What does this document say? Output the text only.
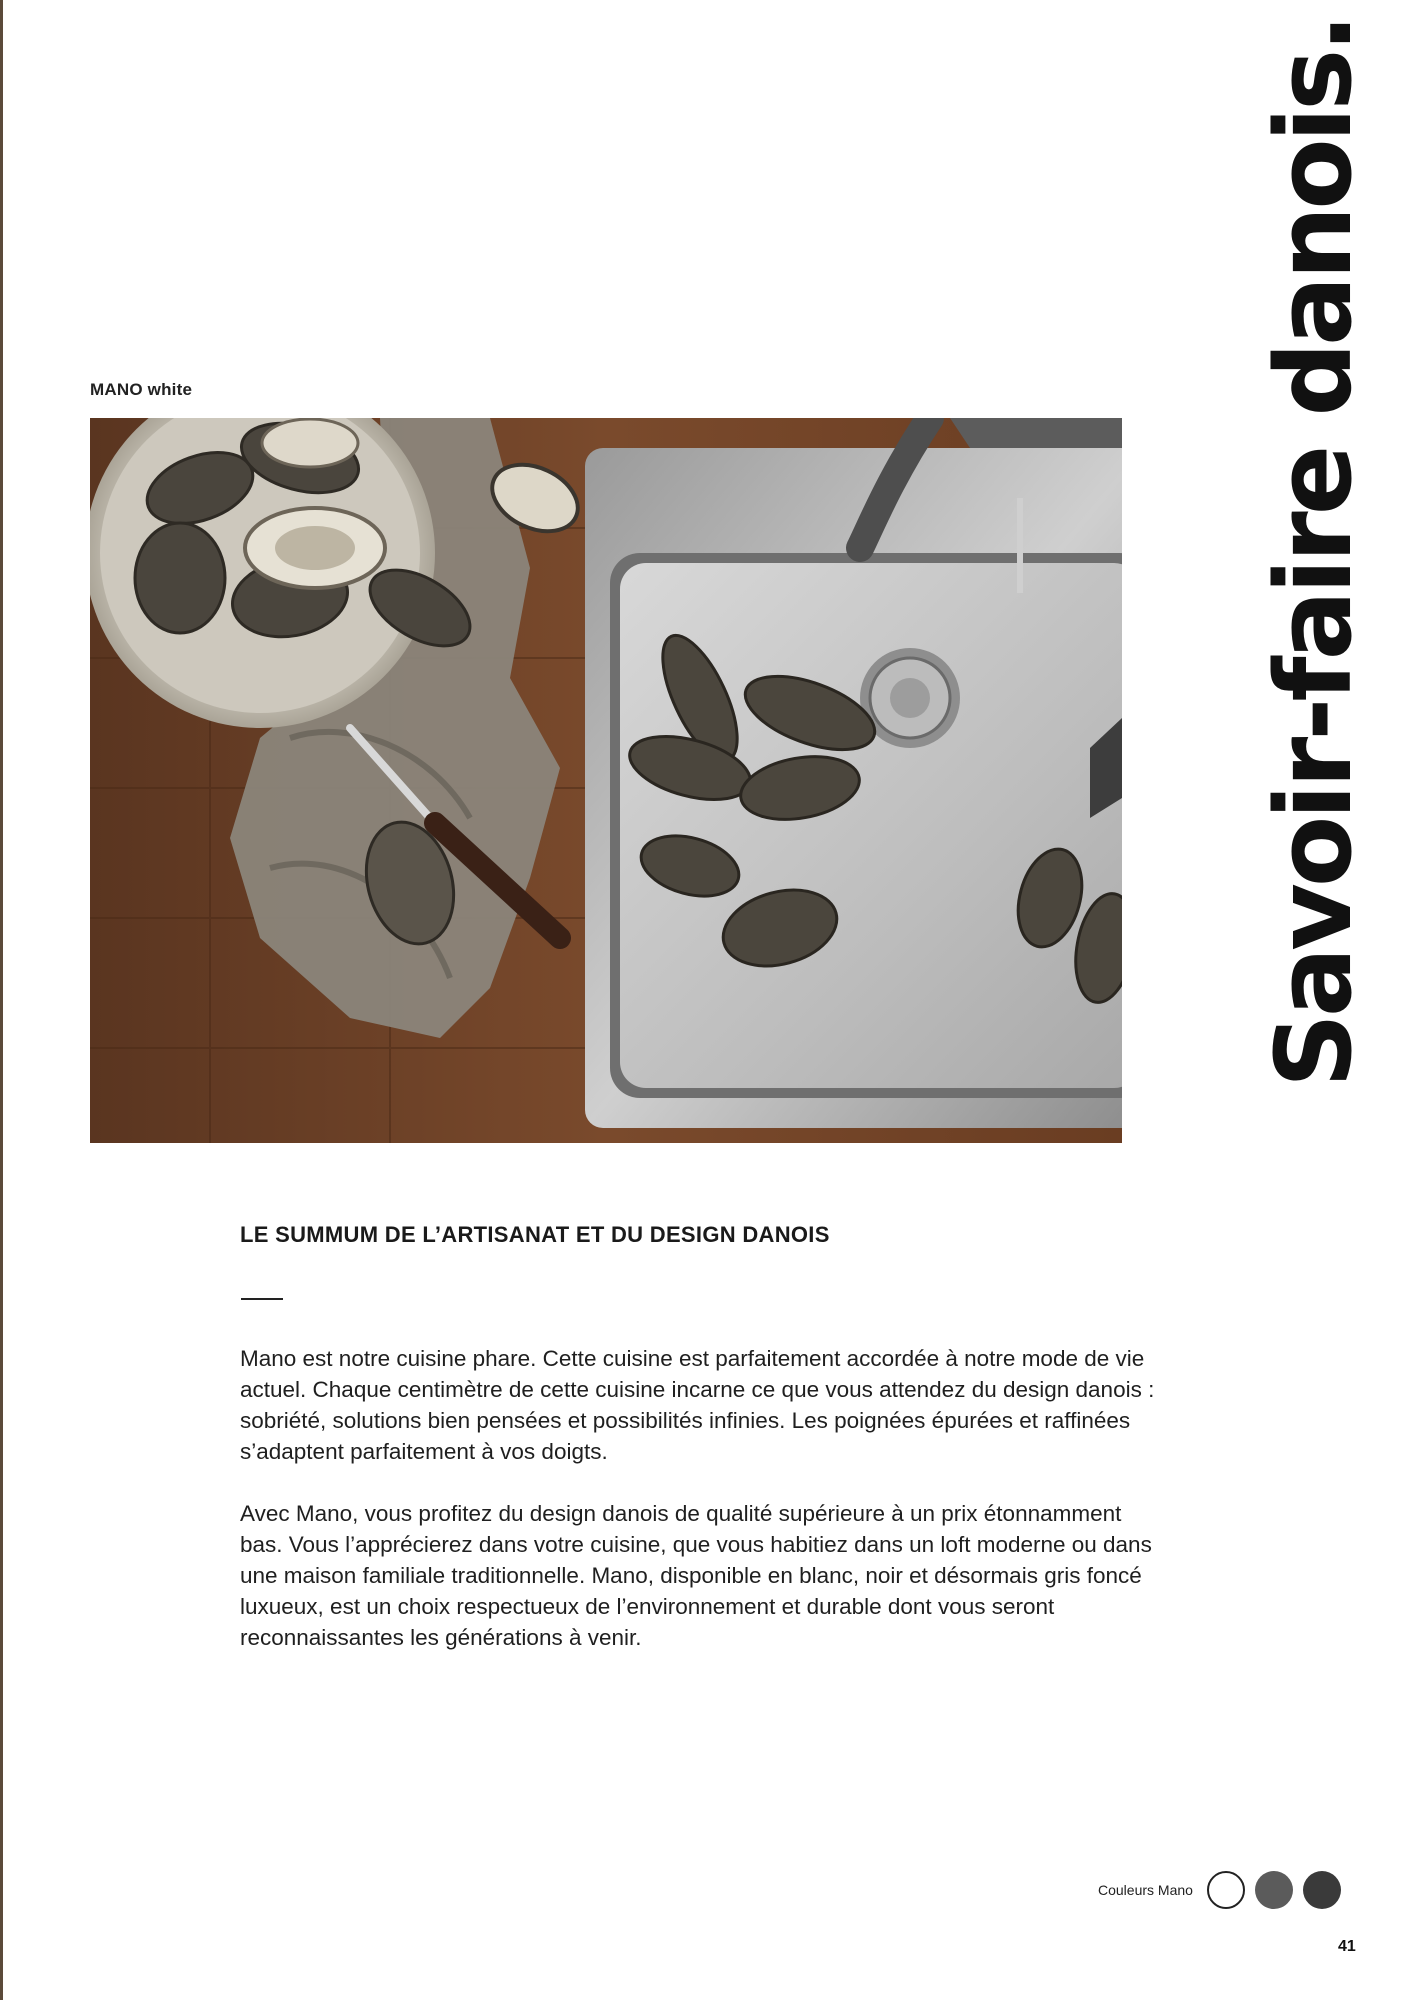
MANO white	Savoir-faire danois.
LE SUMMUM DE L’ARTISANAT ET DU DESIGN DANOIS

Mano est notre cuisine phare. Cette cuisine est parfaitement accordée à notre mode de vie actuel. Chaque centimètre de cette cuisine incarne ce que vous attendez du design danois : sobriété, solutions bien pensées et possibilités infinies. Les poignées épurées et raffinées s’adaptent parfaitement à vos doigts.

Avec Mano, vous profitez du design danois de qualité supérieure à un prix étonnamment bas. Vous l’apprécierez dans votre cuisine, que vous habitiez dans un loft moderne ou dans une maison familiale traditionnelle. Mano, disponible en blanc, noir et désormais gris foncé luxueux, est un choix respectueux de l’environnement et durable dont vous seront reconnaissantes les générations à venir.

Couleurs Mano
41
